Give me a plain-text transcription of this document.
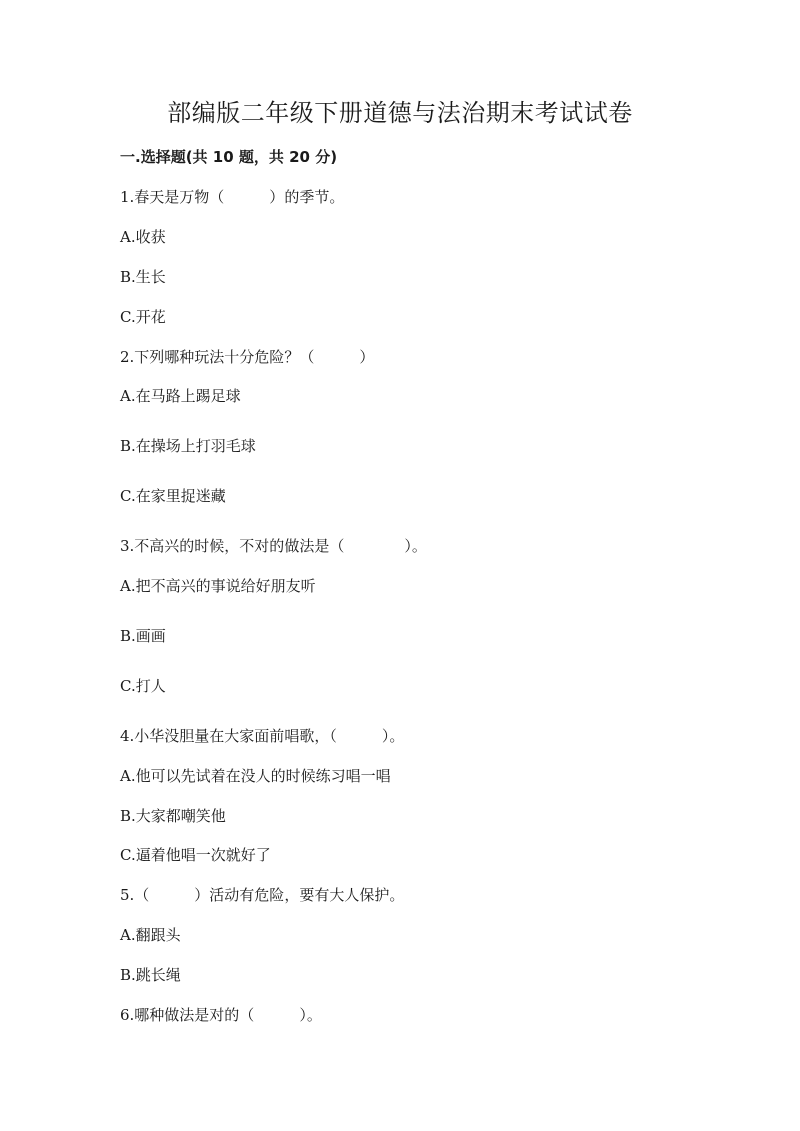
部编版二年级下册道德与法治期末考试试卷
一.选择题(共 10 题，共 20 分)
1.春天是万物（　　　）的季节。
A.收获
B.生长
C.开花
2.下列哪种玩法十分危险？（　　　）
A.在马路上踢足球
B.在操场上打羽毛球
C.在家里捉迷藏
3.不高兴的时候，不对的做法是（　　　　）。
A.把不高兴的事说给好朋友听
B.画画
C.打人
4.小华没胆量在大家面前唱歌，（　　　）。
A.他可以先试着在没人的时候练习唱一唱
B.大家都嘲笑他
C.逼着他唱一次就好了
5.（　　　）活动有危险，要有大人保护。
A.翻跟头
B.跳长绳
6.哪种做法是对的（　　　）。
